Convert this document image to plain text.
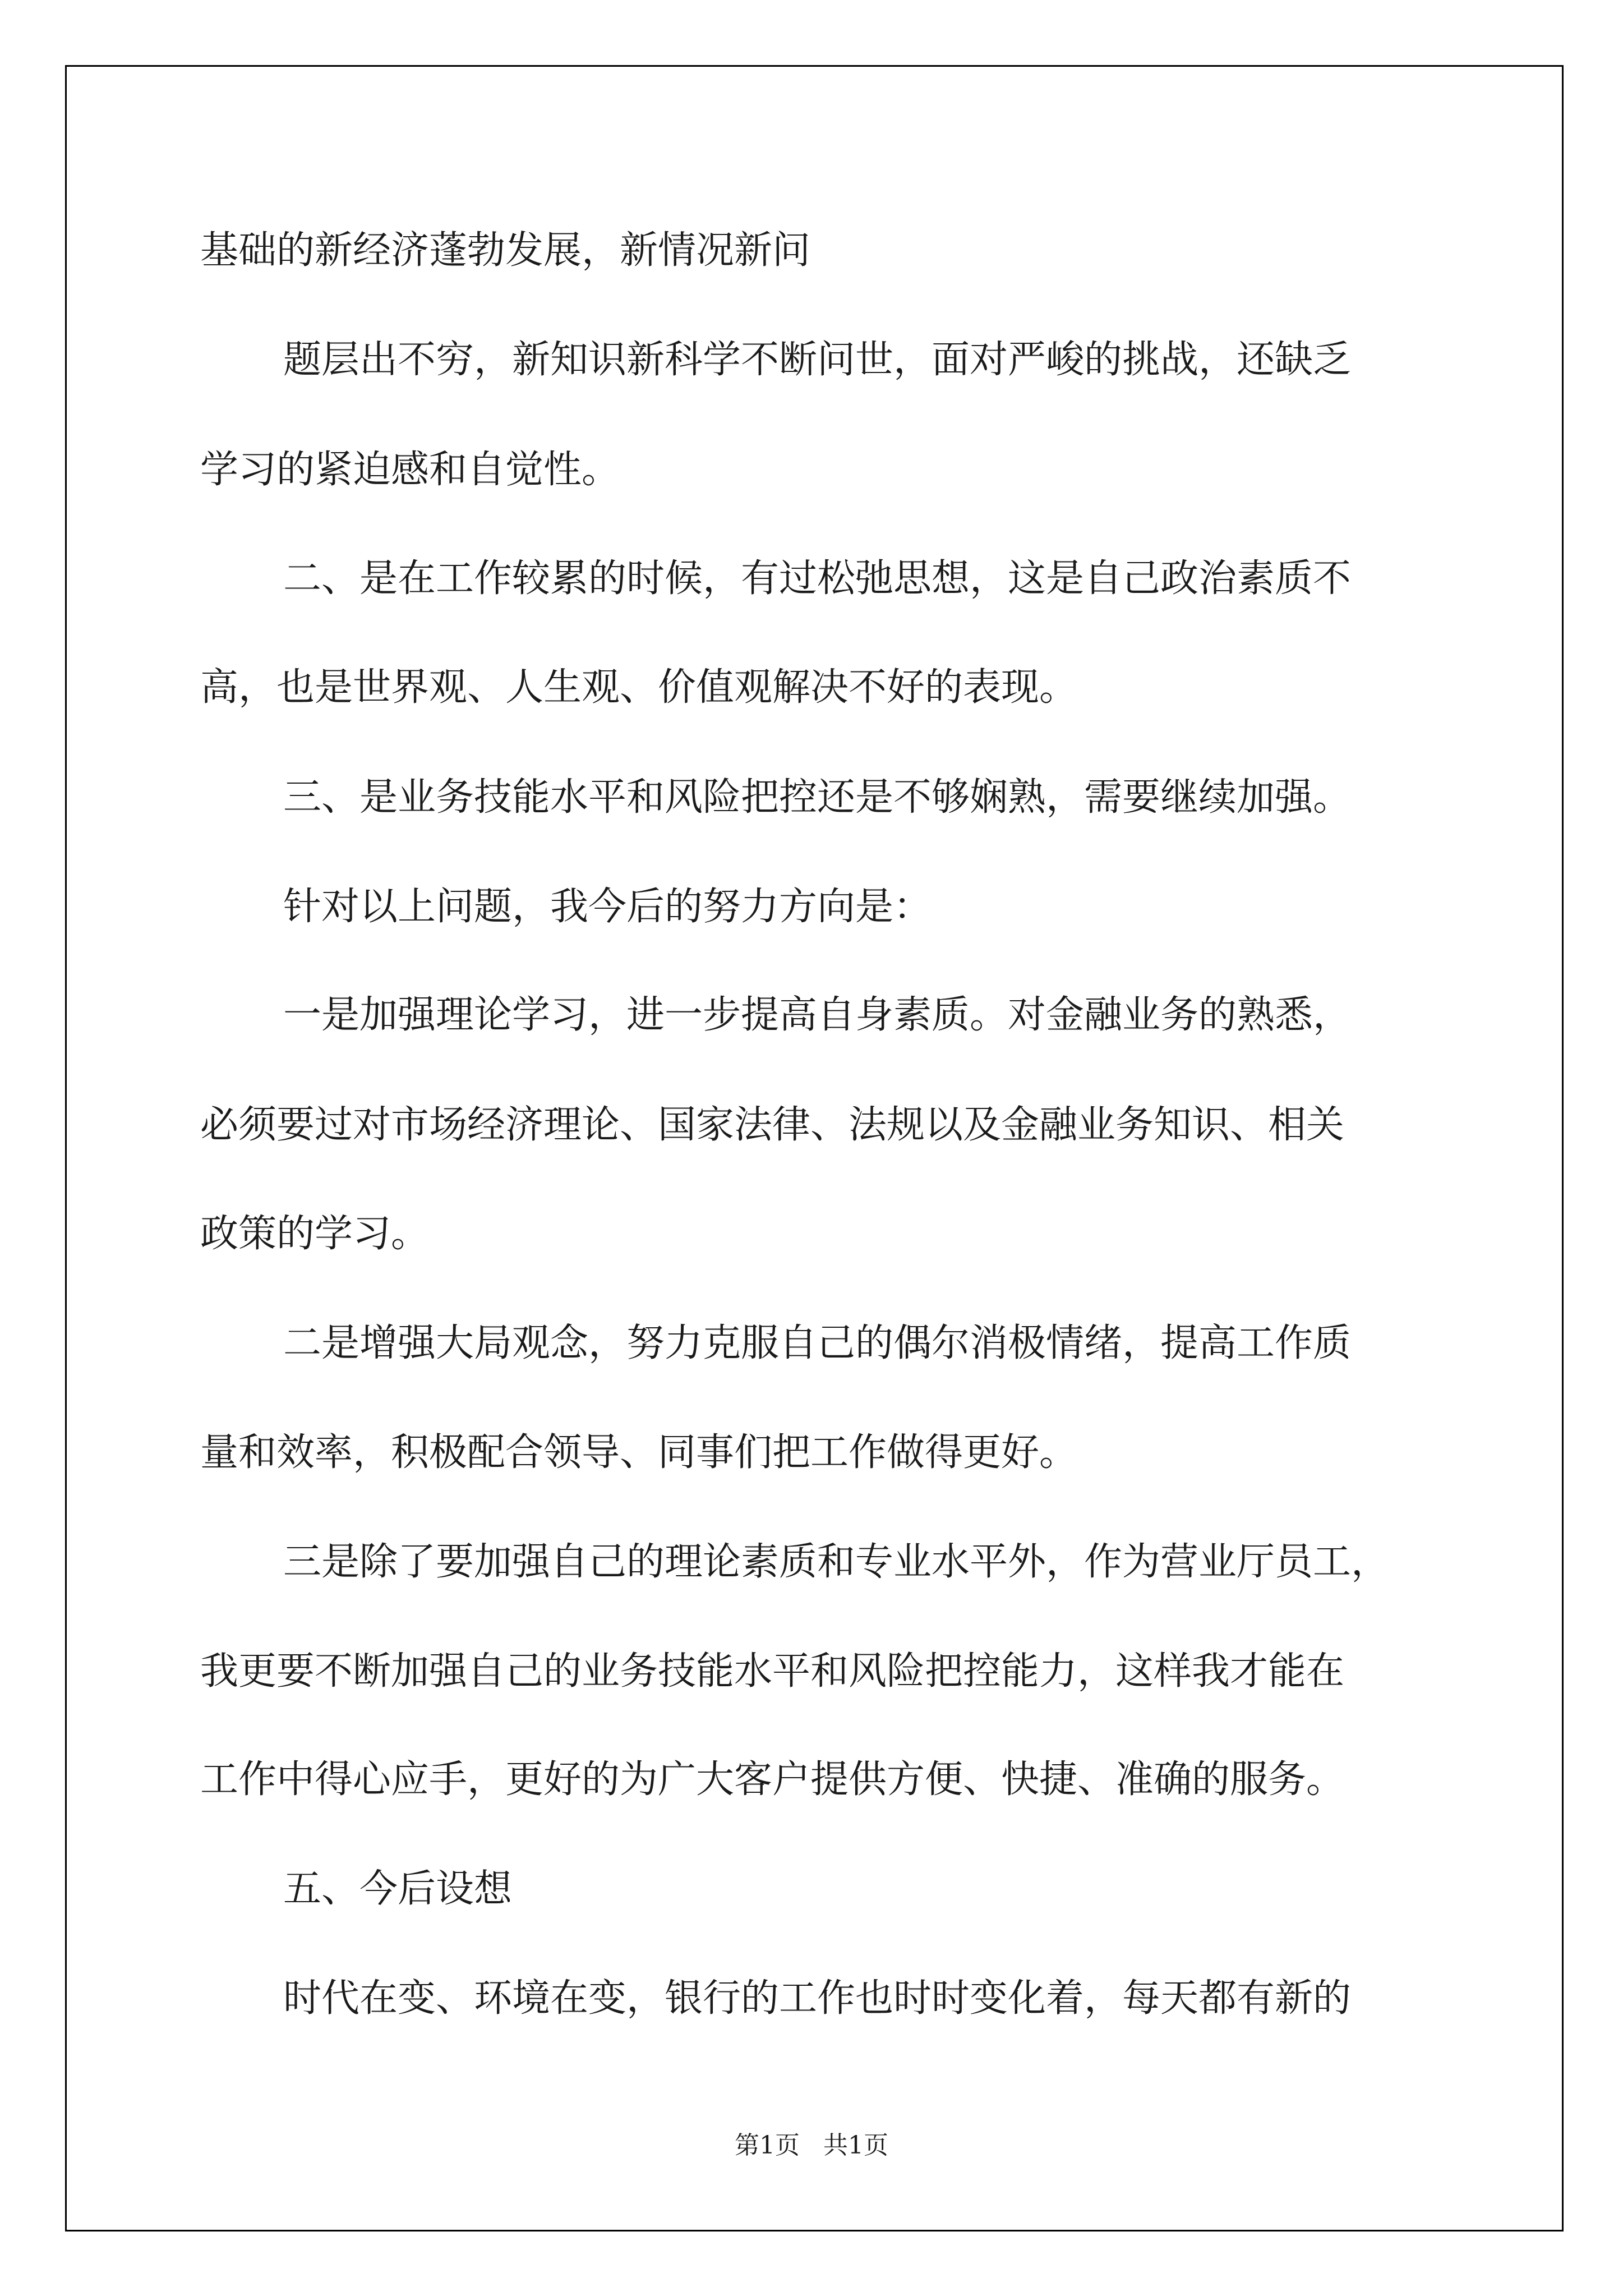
基础的新经济蓬勃发展，新情况新问

题层出不穷，新知识新科学不断问世，面对严峻的挑战，还缺乏

学习的紧迫感和自觉性。

二、是在工作较累的时候，有过松弛思想，这是自己政治素质不

高，也是世界观、人生观、价值观解决不好的表现。

三、是业务技能水平和风险把控还是不够娴熟，需要继续加强。

针对以上问题，我今后的努力方向是：

一是加强理论学习，进一步提高自身素质。对金融业务的熟悉，

必须要过对市场经济理论、国家法律、法规以及金融业务知识、相关

政策的学习。

二是增强大局观念，努力克服自己的偶尔消极情绪，提高工作质

量和效率，积极配合领导、同事们把工作做得更好。

三是除了要加强自己的理论素质和专业水平外，作为营业厅员工，

我更要不断加强自己的业务技能水平和风险把控能力，这样我才能在

工作中得心应手，更好的为广大客户提供方便、快捷、准确的服务。

五、今后设想

时代在变、环境在变，银行的工作也时时变化着，每天都有新的

第1页   共1页
